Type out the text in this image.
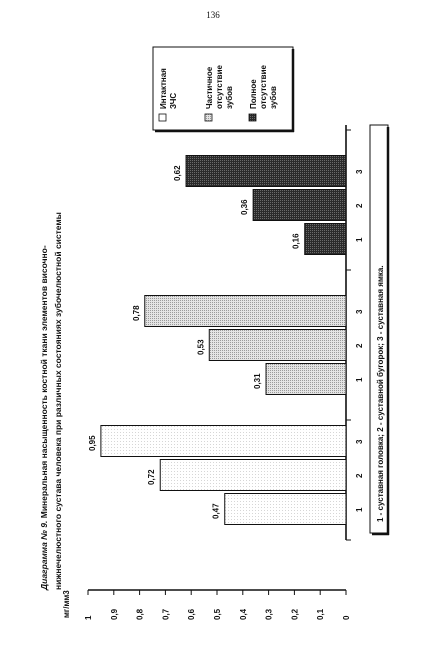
136
Диаграмма № 9. Минеральная насыщенность костной ткани элементов височно- нижнечелюстного сустава человека при различных состояниях зубочелюстной системы
мг/мм3	0
0,1
0,2
0,3
0,4
0,5
0,6
0,7
0,8
0,9
1
0,47	1
0,72	2
0,95	3
0,31	1
0,53	2
0,78	3
0,16	1
0,36	2
0,62	3
Интактная ЗЧС	Частичное отсутствие зубов Полное отсутствие зубов
1 - суставная головка; 2 - суставной бугорок; 3 - суставная ямка.
